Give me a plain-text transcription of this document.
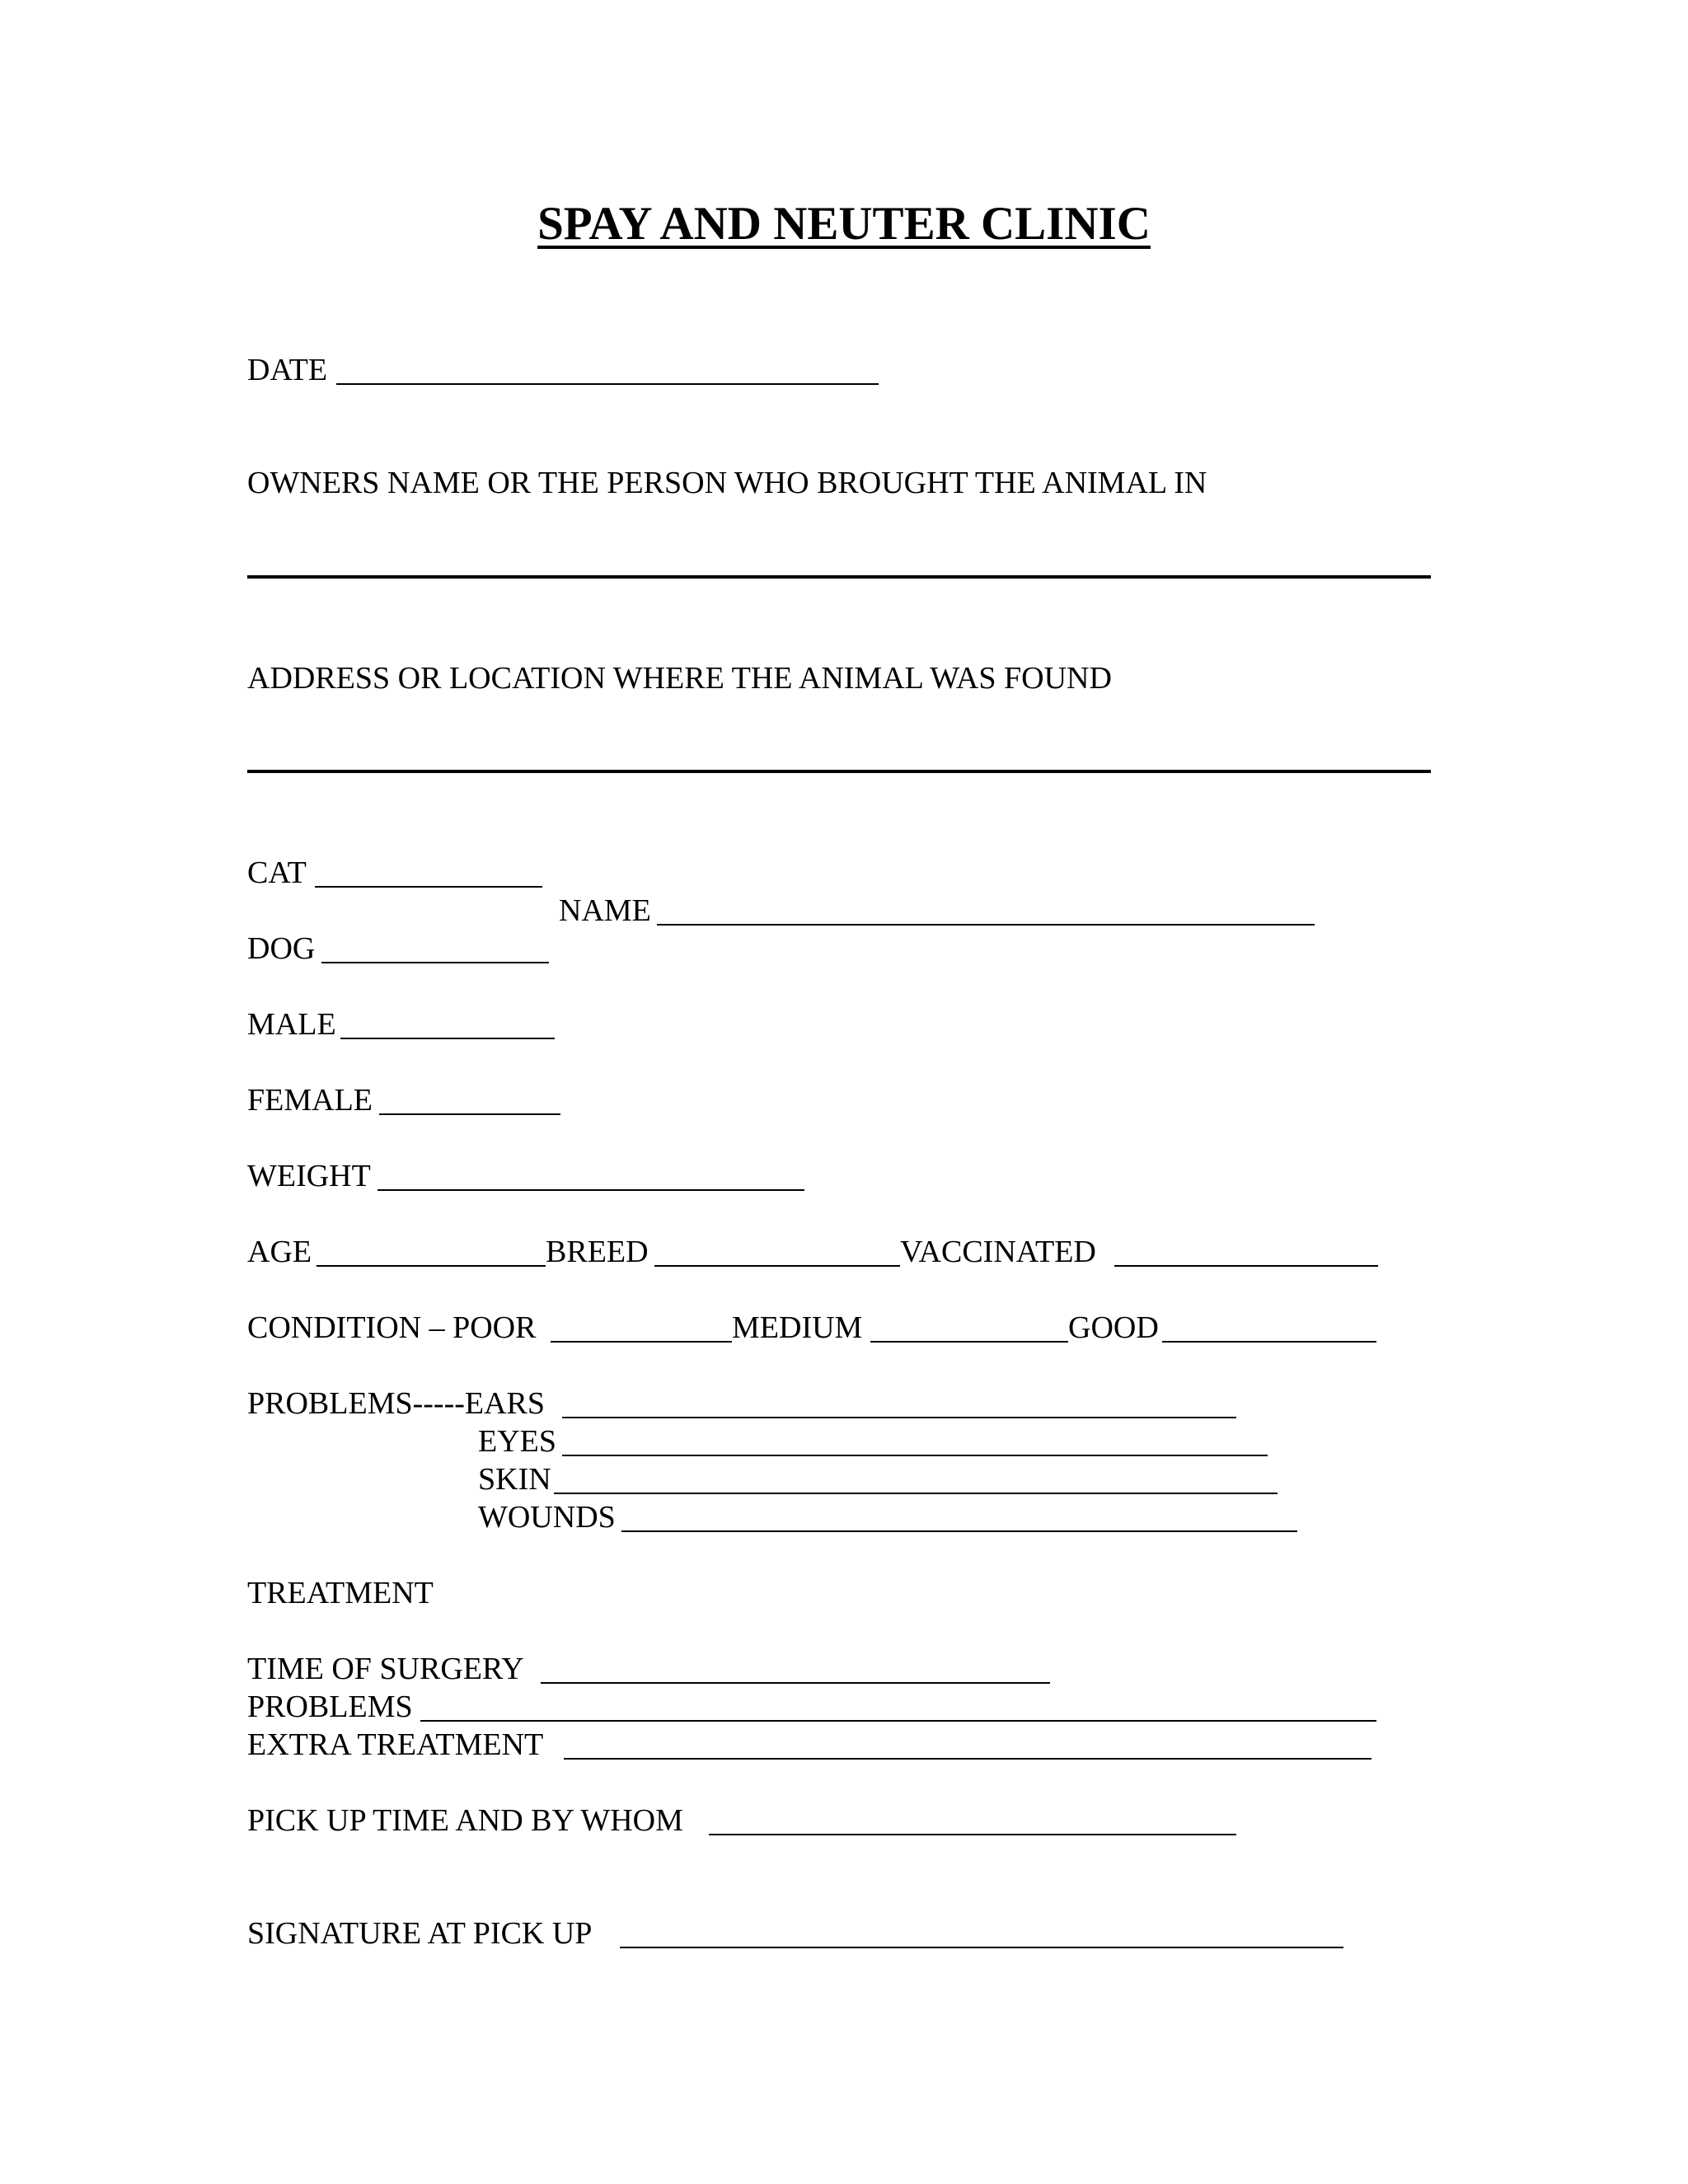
SPAY AND NEUTER CLINIC
DATE
OWNERS NAME OR THE PERSON WHO BROUGHT THE ANIMAL IN
ADDRESS OR LOCATION WHERE THE ANIMAL WAS FOUND
CAT
NAME
DOG
MALE
FEMALE
WEIGHT
AGE	BREED	VACCINATED
CONDITION – POOR	MEDIUM	GOOD
PROBLEMS-----EARS
EYES
SKIN
WOUNDS
TREATMENT
TIME OF SURGERY
PROBLEMS
EXTRA TREATMENT
PICK UP TIME AND BY WHOM
SIGNATURE AT PICK UP
